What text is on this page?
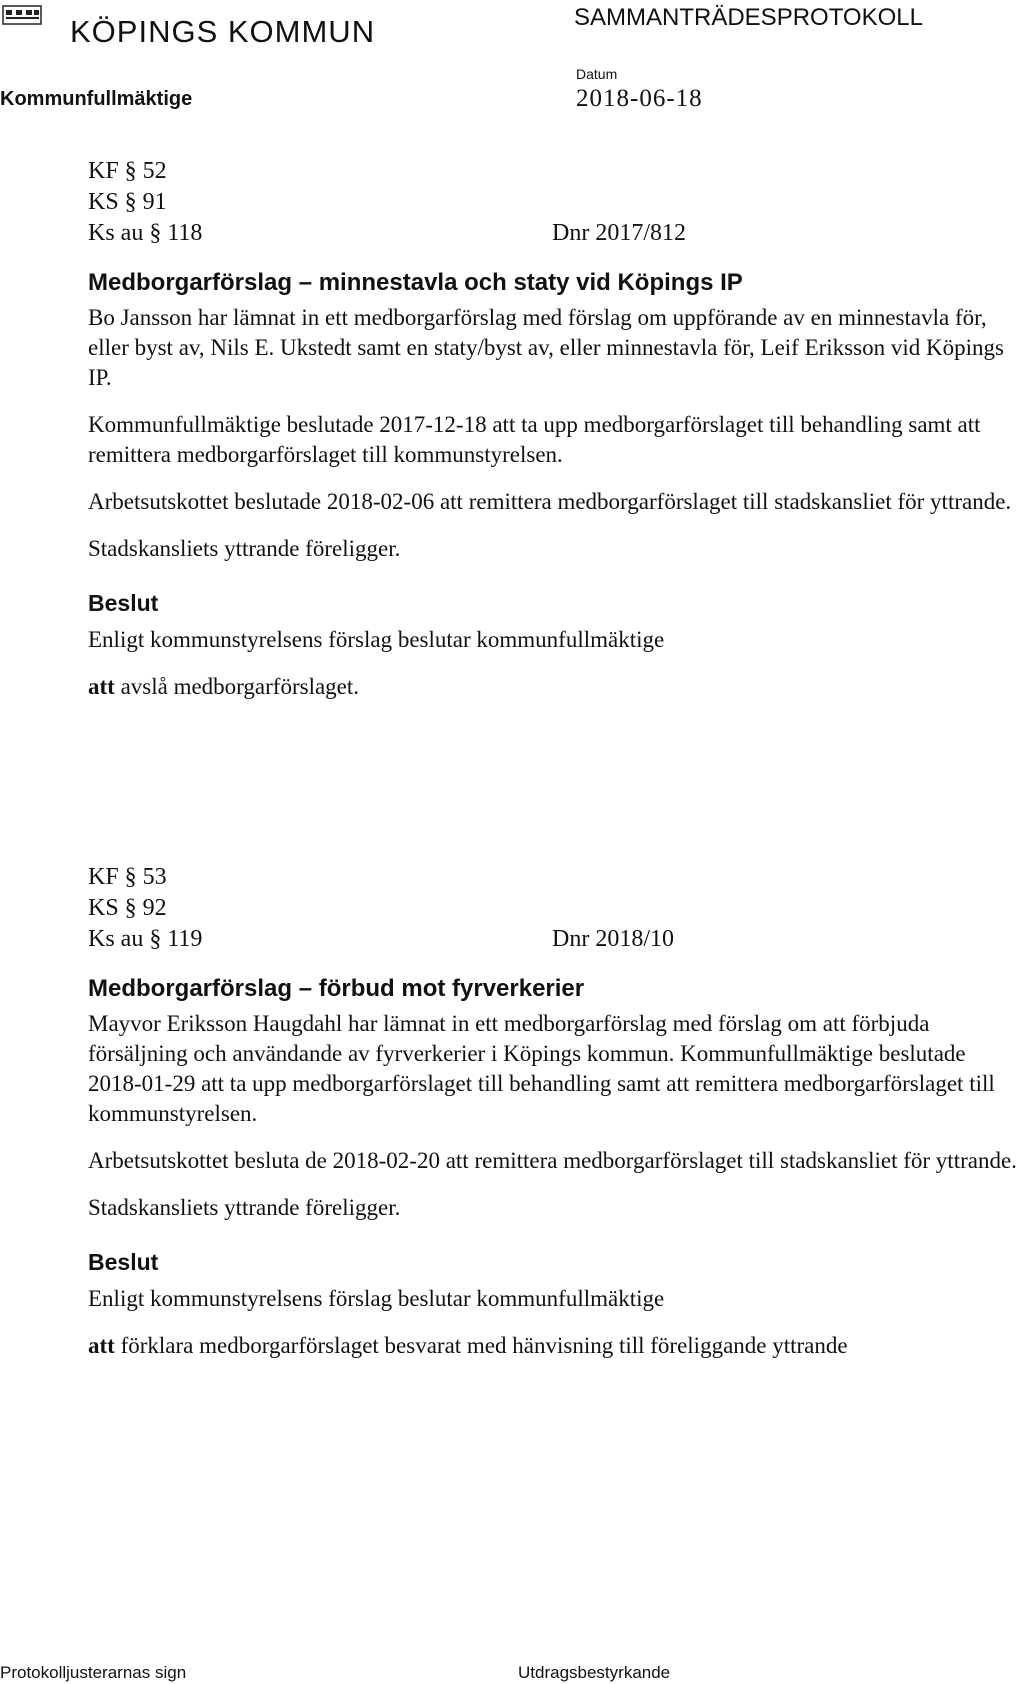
KÖPINGS KOMMUN	SAMMANTRÄDESPROTOKOLL
Kommunfullmäktige
Datum
2018-06-18
KF § 52
KS § 91
Ks au § 118	Dnr 2017/812
Medborgarförslag – minnestavla och staty vid Köpings IP

Bo Jansson har lämnat in ett medborgarförslag med förslag om uppförande av en minnestavla för, eller byst av, Nils E. Ukstedt samt en staty/byst av, eller minnestavla för, Leif Eriksson vid Köpings IP.

Kommunfullmäktige beslutade 2017-12-18 att ta upp medborgarförslaget till behandling samt att remittera medborgarförslaget till kommunstyrelsen.

Arbetsutskottet beslutade 2018-02-06 att remittera medborgarförslaget till stadskansliet för yttrande.

Stadskansliets yttrande föreligger.

Beslut

Enligt kommunstyrelsens förslag beslutar kommunfullmäktige

att avslå medborgarförslaget.

KF § 53
KS § 92
Ks au § 119	Dnr 2018/10
Medborgarförslag – förbud mot fyrverkerier

Mayvor Eriksson Haugdahl har lämnat in ett medborgarförslag med förslag om att förbjuda försäljning och användande av fyrverkerier i Köpings kommun. Kommunfullmäktige beslutade 2018-01-29 att ta upp medborgarförslaget till behandling samt att remittera medborgarförslaget till kommunstyrelsen.

Arbetsutskottet besluta de 2018-02-20 att remittera medborgarförslaget till stadskansliet för yttrande.

Stadskansliets yttrande föreligger.

Beslut

Enligt kommunstyrelsens förslag beslutar kommunfullmäktige

att förklara medborgarförslaget besvarat med hänvisning till föreliggande yttrande

Protokolljusterarnas sign	Utdragsbestyrkande
